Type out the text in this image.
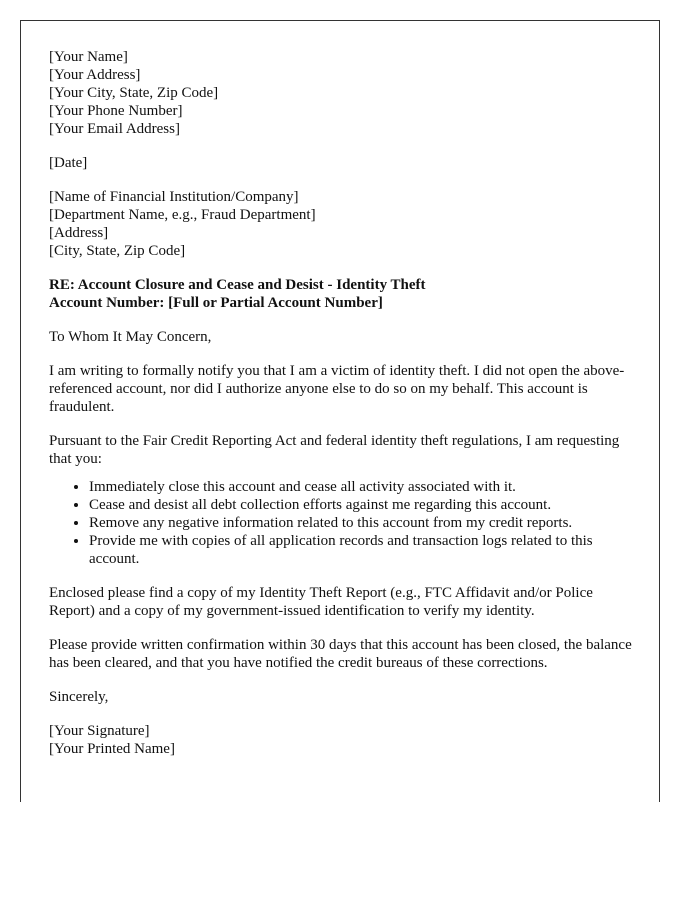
[Your Name]
[Your Address]
[Your City, State, Zip Code]
[Your Phone Number]
[Your Email Address]

[Date]

[Name of Financial Institution/Company]
[Department Name, e.g., Fraud Department]
[Address]
[City, State, Zip Code]

RE: Account Closure and Cease and Desist - Identity Theft
Account Number: [Full or Partial Account Number]

To Whom It May Concern,

I am writing to formally notify you that I am a victim of identity theft. I did not open the above-referenced account, nor did I authorize anyone else to do so on my behalf. This account is fraudulent.

Pursuant to the Fair Credit Reporting Act and federal identity theft regulations, I am requesting that you:

• Immediately close this account and cease all activity associated with it.
• Cease and desist all debt collection efforts against me regarding this account.
• Remove any negative information related to this account from my credit reports.
• Provide me with copies of all application records and transaction logs related to this account.

Enclosed please find a copy of my Identity Theft Report (e.g., FTC Affidavit and/or Police Report) and a copy of my government-issued identification to verify my identity.

Please provide written confirmation within 30 days that this account has been closed, the balance has been cleared, and that you have notified the credit bureaus of these corrections.

Sincerely,

[Your Signature]
[Your Printed Name]
